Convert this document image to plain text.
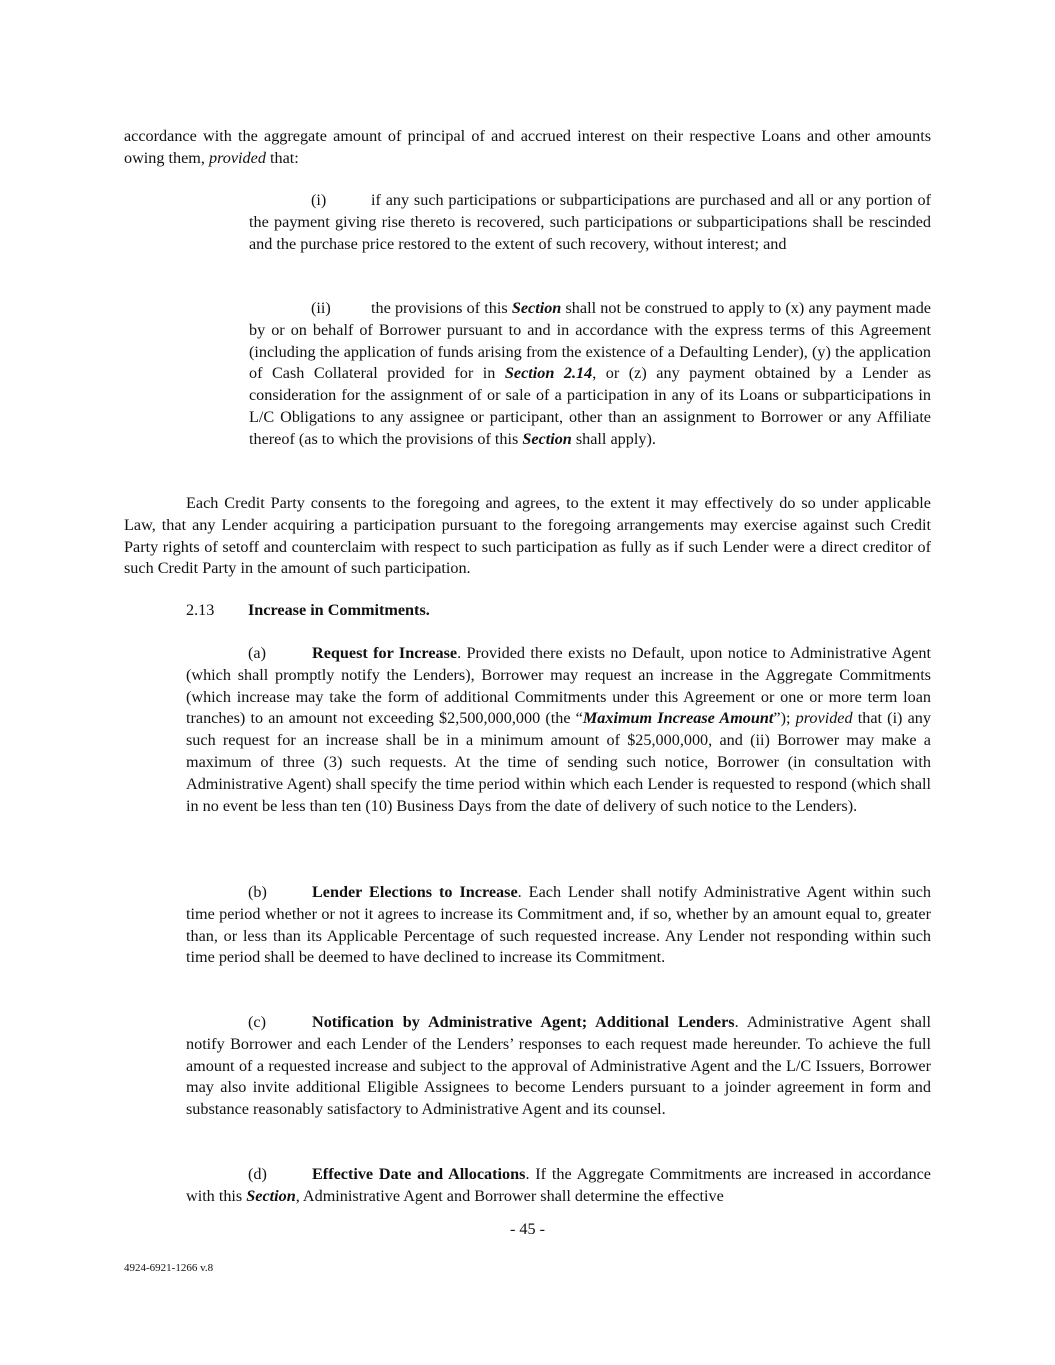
accordance with the aggregate amount of principal of and accrued interest on their respective Loans and other amounts owing them, provided that:

(i)	if any such participations or subparticipations are purchased and all or any portion of the payment giving rise thereto is recovered, such participations or subparticipations shall be rescinded and the purchase price restored to the extent of such recovery, without interest; and

(ii) the provisions of this Section shall not be construed to apply to (x) any payment made by or on behalf of Borrower pursuant to and in accordance with the express terms of this Agreement (including the application of funds arising from the existence of a Defaulting Lender), (y) the application of Cash Collateral provided for in Section 2.14, or (z) any payment obtained by a Lender as consideration for the assignment of or sale of a participation in any of its Loans or subparticipations in L/C Obligations to any assignee or participant, other than an assignment to Borrower or any Affiliate thereof (as to which the provisions of this Section shall apply).

Each Credit Party consents to the foregoing and agrees, to the extent it may effectively do so under applicable Law, that any Lender acquiring a participation pursuant to the foregoing arrangements may exercise against such Credit Party rights of setoff and counterclaim with respect to such participation as fully as if such Lender were a direct creditor of such Credit Party in the amount of such participation.

2.13 Increase in Commitments.

(a)	Request for Increase. Provided there exists no Default, upon notice to Administrative Agent (which shall promptly notify the Lenders), Borrower may request an increase in the Aggregate Commitments (which increase may take the form of additional Commitments under this Agreement or one or more term loan tranches) to an amount not exceeding $2,500,000,000 (the “Maximum Increase Amount”); provided that (i) any such request for an increase shall be in a minimum amount of $25,000,000, and (ii) Borrower may make a maximum of three (3) such requests. At the time of sending such notice, Borrower (in consultation with Administrative Agent) shall specify the time period within which each Lender is requested to respond (which shall in no event be less than ten (10) Business Days from the date of delivery of such notice to the Lenders).

(b)	Lender Elections to Increase. Each Lender shall notify Administrative Agent within such time period whether or not it agrees to increase its Commitment and, if so, whether by an amount equal to, greater than, or less than its Applicable Percentage of such requested increase. Any Lender not responding within such time period shall be deemed to have declined to increase its Commitment.

(c)	Notification by Administrative Agent; Additional Lenders. Administrative Agent shall notify Borrower and each Lender of the Lenders’ responses to each request made hereunder. To achieve the full amount of a requested increase and subject to the approval of Administrative Agent and the L/C Issuers, Borrower may also invite additional Eligible Assignees to become Lenders pursuant to a joinder agreement in form and substance reasonably satisfactory to Administrative Agent and its counsel.

(d)	Effective Date and Allocations. If the Aggregate Commitments are increased in accordance with this Section, Administrative Agent and Borrower shall determine the effective

- 45 -
4924-6921-1266 v.8
